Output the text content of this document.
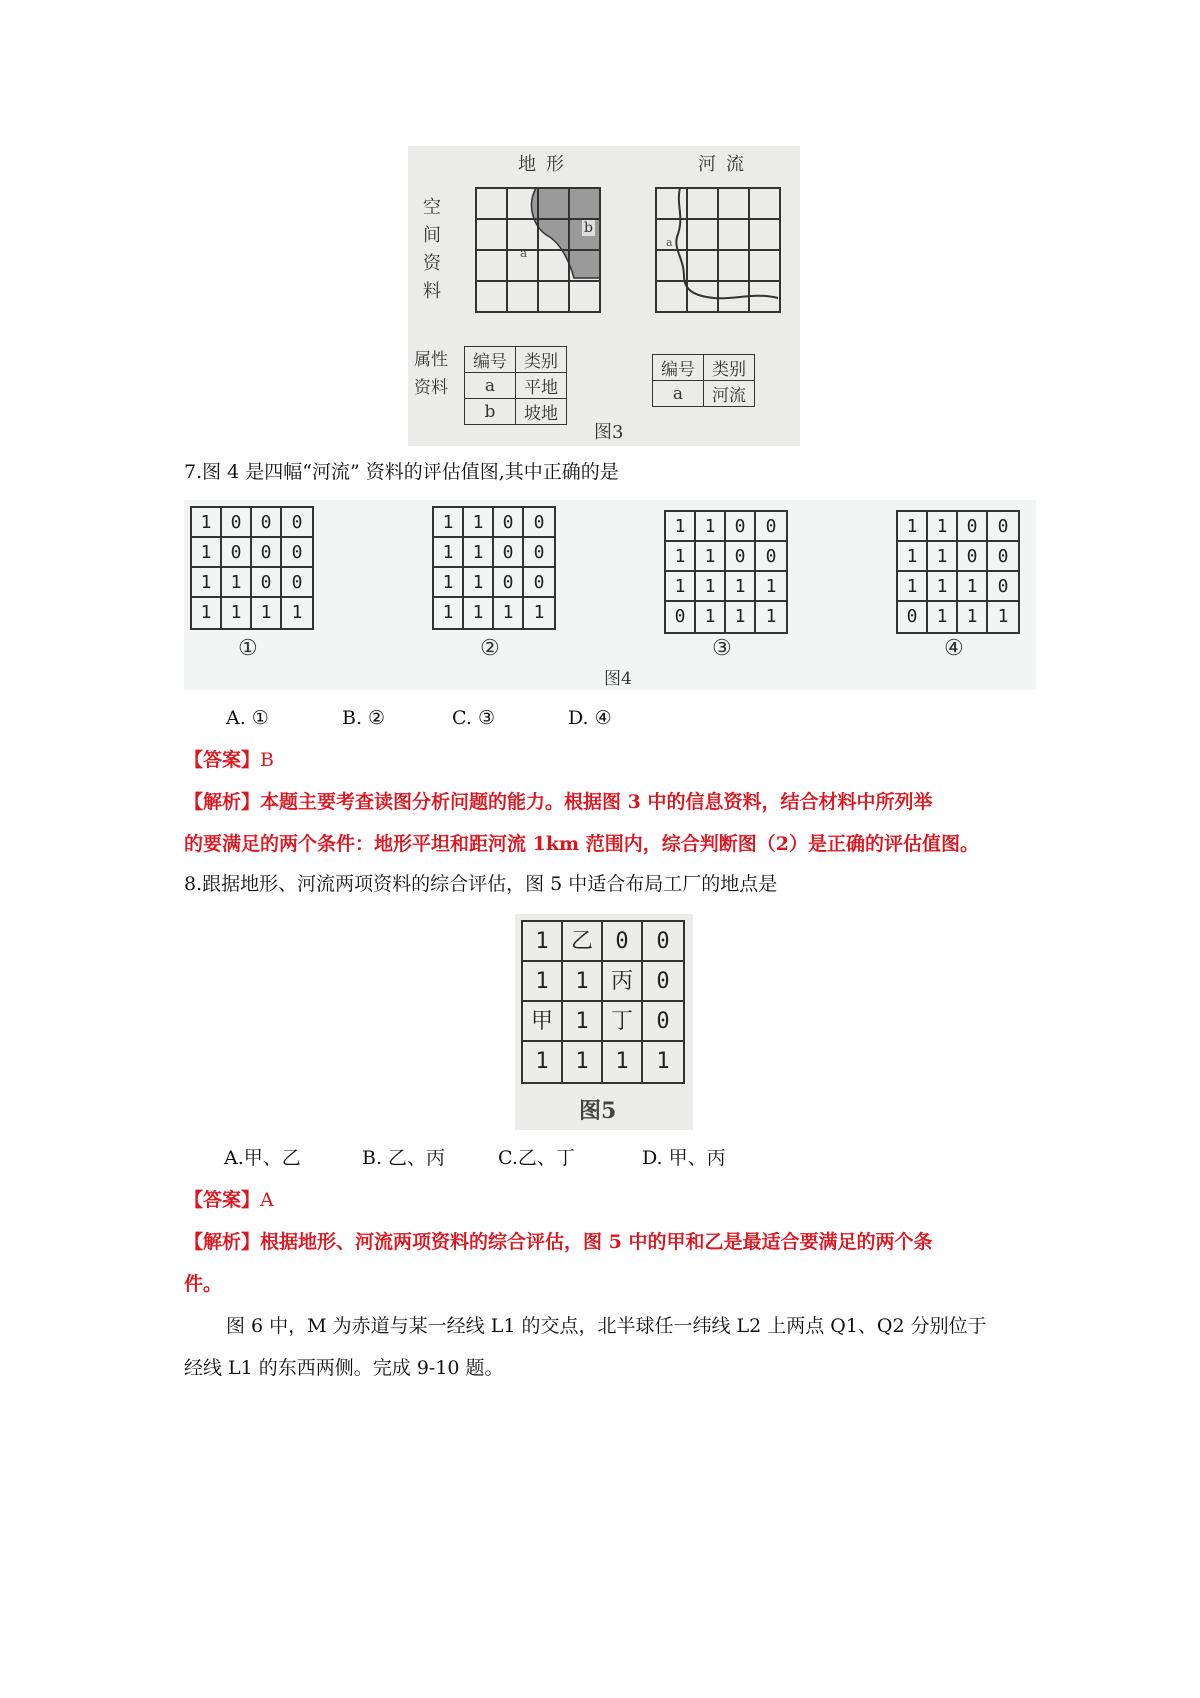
地形	河流
空
间
资
料
a
b
a
属性
资料
编号	类别
a	平地
b	坡地
编号	类别
a	河流
图3
7.图 4 是四幅“河流” 资料的评估值图,其中正确的是
1	0	0	0
1	0	0	0
1	1	0	0
1	1	1	1
①
1	1	0	0
1	1	0	0
1	1	0	0
1	1	1	1
②
1	1	0	0
1	1	0	0
1	1	1	1
0	1	1	1
③
1	1	0	0
1	1	0	0
1	1	1	0
0	1	1	1
④
图4
A. ①	B. ②	C. ③	D. ④
【答案】B
【解析】本题主要考查读图分析问题的能力。根据图 3 中的信息资料，结合材料中所列举
的要满足的两个条件：地形平坦和距河流 1km 范围内，综合判断图（2）是正确的评估值图。
8.跟据地形、河流两项资料的综合评估，图 5 中适合布局工厂的地点是
1	乙	0	0
1	1	丙	0
甲	1	丁	0
1	1	1	1
图5
A.甲、乙	B. 乙、丙	C.乙、丁	D. 甲、丙
【答案】A
【解析】根据地形、河流两项资料的综合评估，图 5 中的甲和乙是最适合要满足的两个条
件。
图 6 中，M 为赤道与某一经线 L1 的交点，北半球任一纬线 L2 上两点 Q1、Q2 分别位于
经线 L1 的东西两侧。完成 9-10 题。
